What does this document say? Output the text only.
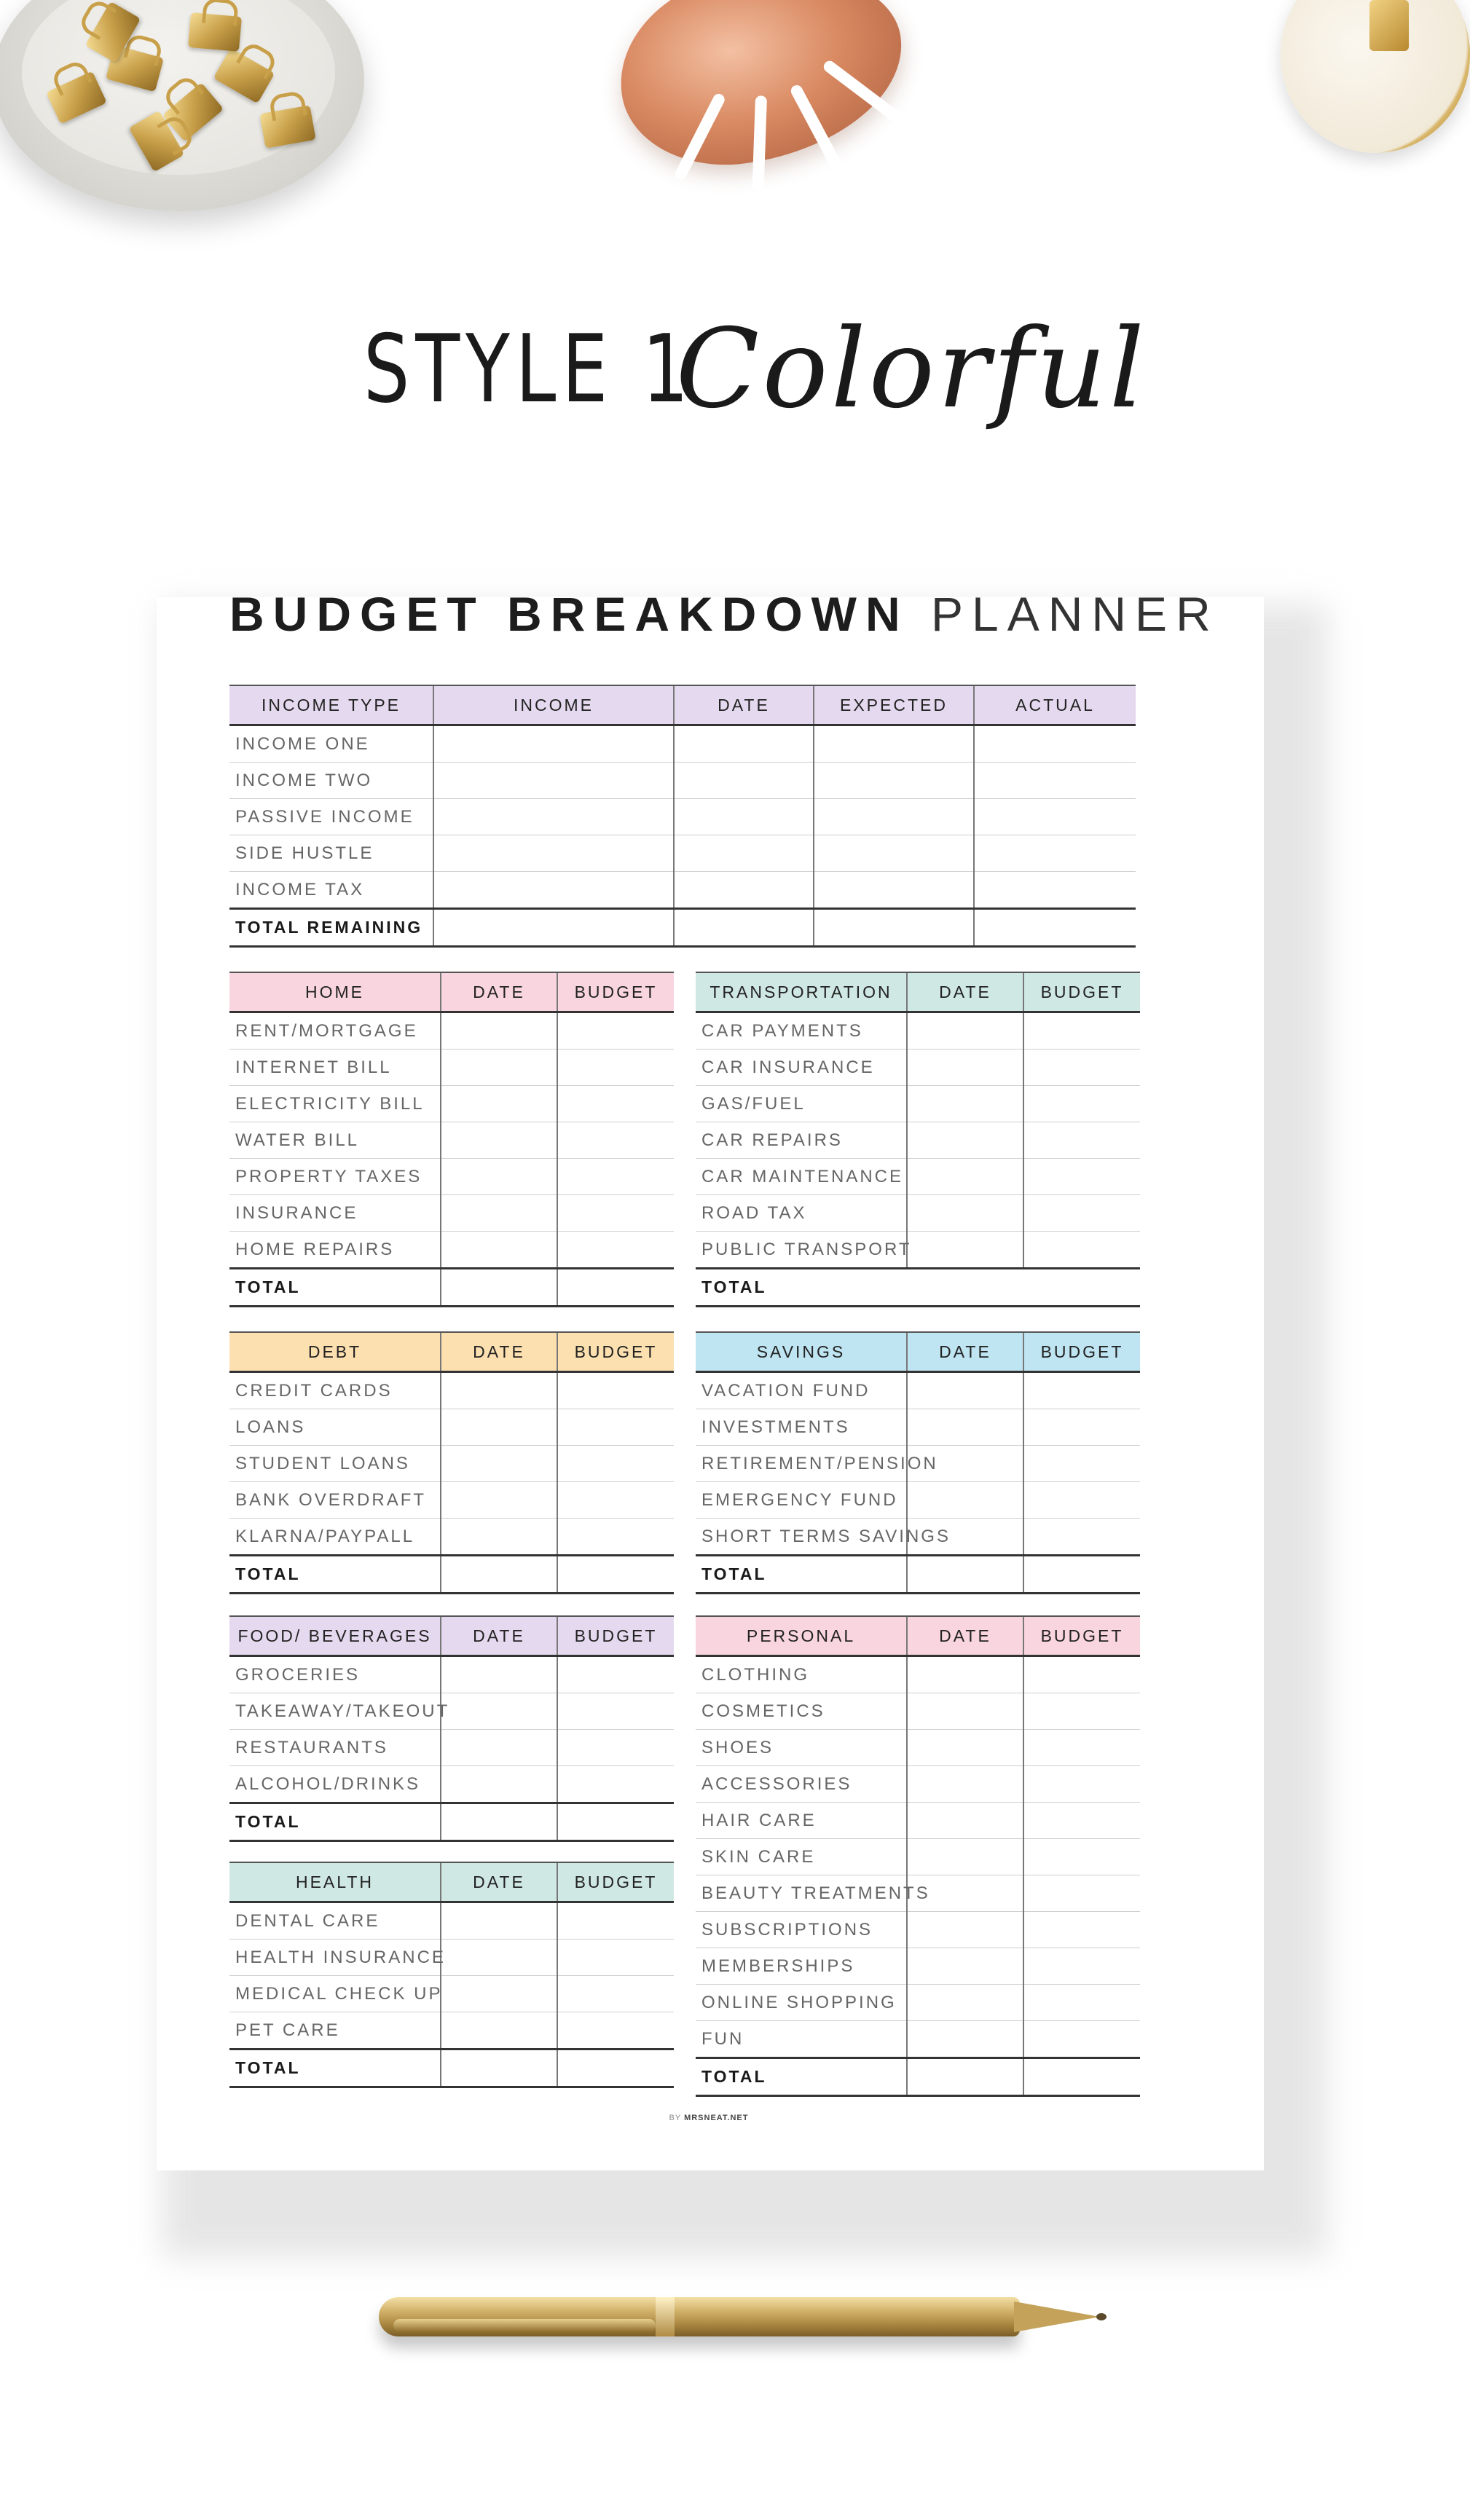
STYLE 1 Colorful
BUDGET BREAKDOWN PLANNER
INCOME TYPE	INCOME	DATE	EXPECTED	ACTUAL
INCOME ONE				
INCOME TWO				
PASSIVE INCOME				
SIDE HUSTLE				
INCOME TAX				
TOTAL REMAINING				
HOME	DATE	BUDGET
RENT/MORTGAGE		
INTERNET BILL		
ELECTRICITY BILL		
WATER BILL		
PROPERTY TAXES		
INSURANCE		
HOME REPAIRS		
TOTAL		
TRANSPORTATION	DATE	BUDGET
CAR PAYMENTS		
CAR INSURANCE		
GAS/FUEL		
CAR REPAIRS		
CAR MAINTENANCE		
ROAD TAX		
PUBLIC TRANSPORT		
TOTAL		
DEBT	DATE	BUDGET
CREDIT CARDS		
LOANS		
STUDENT LOANS		
BANK OVERDRAFT		
KLARNA/PAYPALL		
TOTAL		
SAVINGS	DATE	BUDGET
VACATION FUND		
INVESTMENTS		
RETIREMENT/PENSION		
EMERGENCY FUND		
SHORT TERMS SAVINGS		
TOTAL		
FOOD/ BEVERAGES	DATE	BUDGET
GROCERIES		
TAKEAWAY/TAKEOUT		
RESTAURANTS		
ALCOHOL/DRINKS		
TOTAL		
PERSONAL	DATE	BUDGET
CLOTHING		
COSMETICS		
SHOES		
ACCESSORIES		
HAIR CARE		
SKIN CARE		
BEAUTY TREATMENTS		
SUBSCRIPTIONS		
MEMBERSHIPS		
ONLINE SHOPPING		
FUN		
TOTAL		
HEALTH	DATE	BUDGET
DENTAL CARE		
HEALTH INSURANCE		
MEDICAL CHECK UP		
PET CARE		
TOTAL		
BY MRSNEAT.NET
